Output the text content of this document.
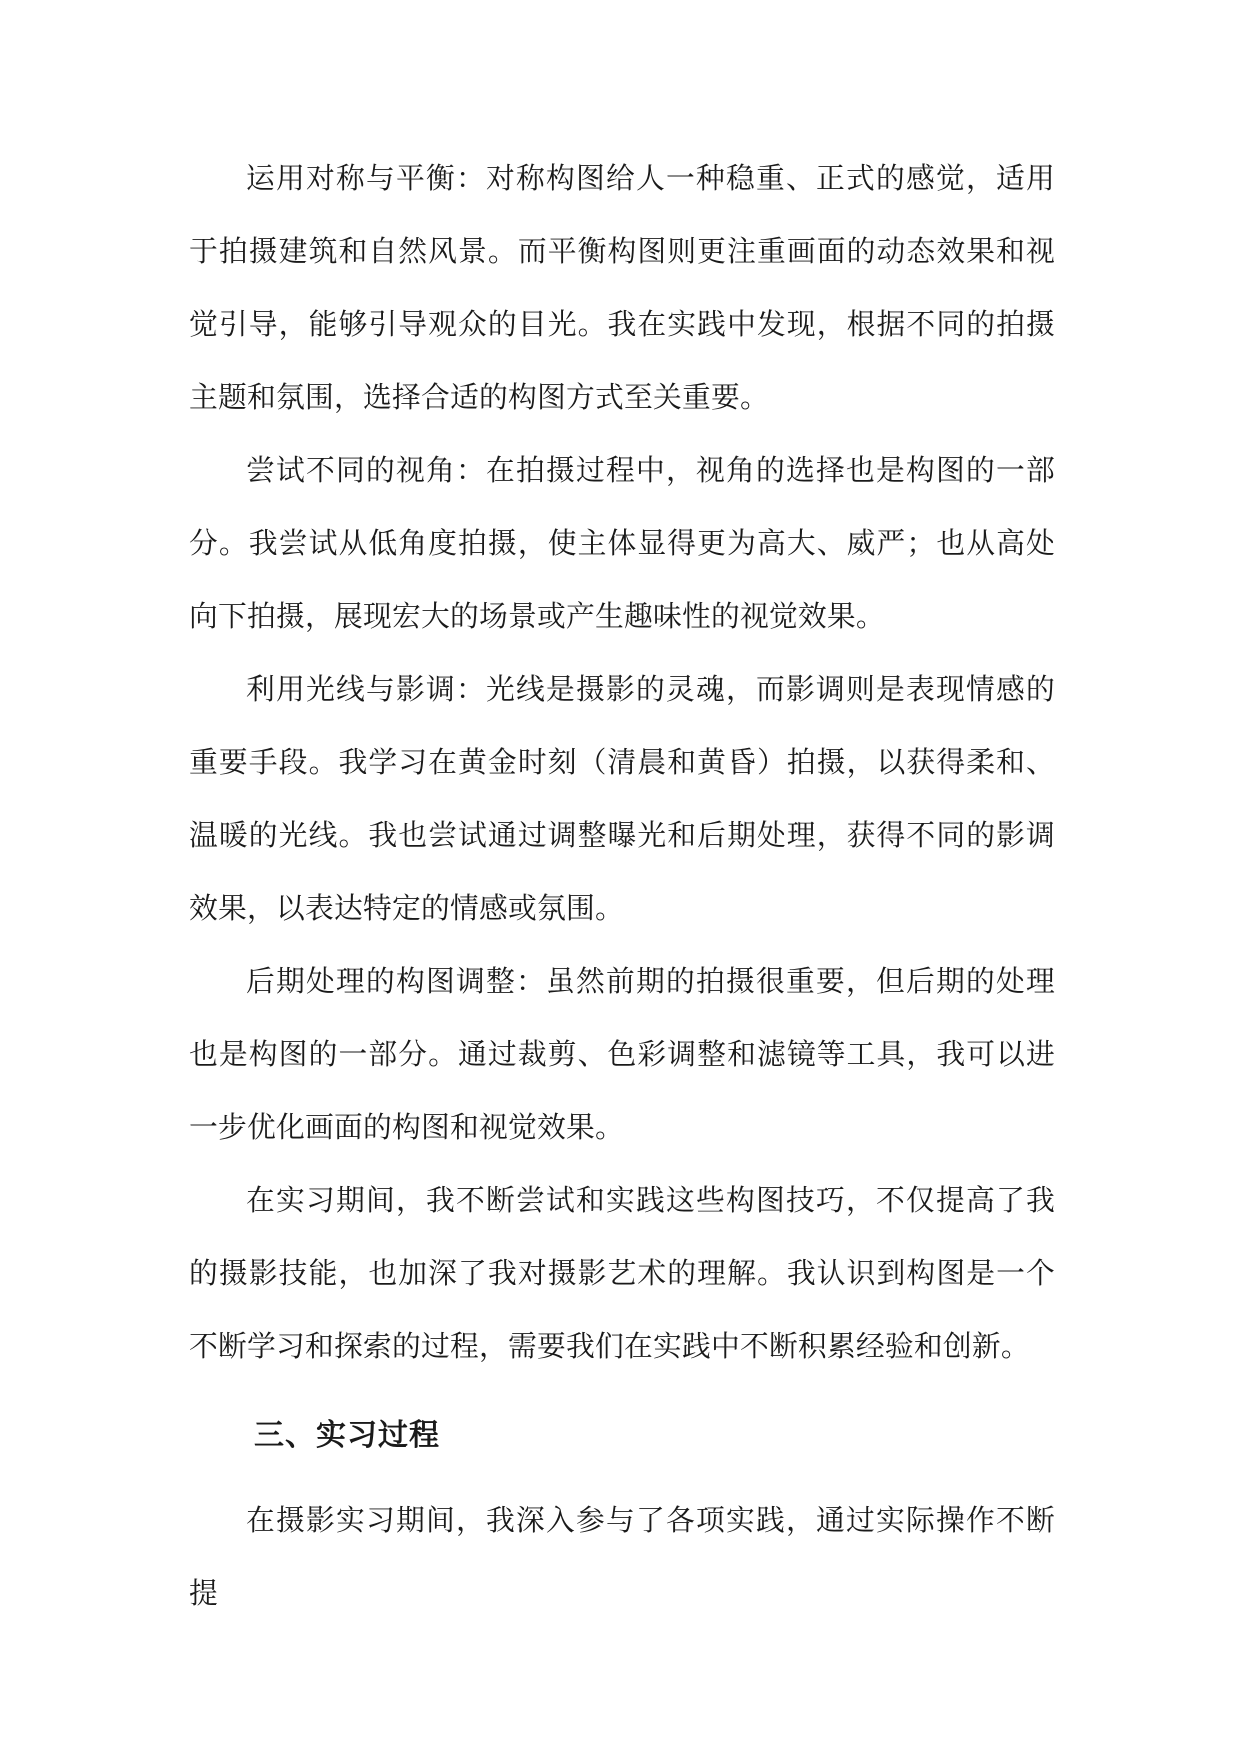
运用对称与平衡：对称构图给人一种稳重、正式的感觉，适用于拍摄建筑和自然风景。而平衡构图则更注重画面的动态效果和视觉引导，能够引导观众的目光。我在实践中发现，根据不同的拍摄主题和氛围，选择合适的构图方式至关重要。

尝试不同的视角：在拍摄过程中，视角的选择也是构图的一部分。我尝试从低角度拍摄，使主体显得更为高大、威严；也从高处向下拍摄，展现宏大的场景或产生趣味性的视觉效果。

利用光线与影调：光线是摄影的灵魂，而影调则是表现情感的重要手段。我学习在黄金时刻（清晨和黄昏）拍摄，以获得柔和、温暖的光线。我也尝试通过调整曝光和后期处理，获得不同的影调效果，以表达特定的情感或氛围。

后期处理的构图调整：虽然前期的拍摄很重要，但后期的处理也是构图的一部分。通过裁剪、色彩调整和滤镜等工具，我可以进一步优化画面的构图和视觉效果。

在实习期间，我不断尝试和实践这些构图技巧，不仅提高了我的摄影技能，也加深了我对摄影艺术的理解。我认识到构图是一个不断学习和探索的过程，需要我们在实践中不断积累经验和创新。

三、实习过程

在摄影实习期间，我深入参与了各项实践，通过实际操作不断提
